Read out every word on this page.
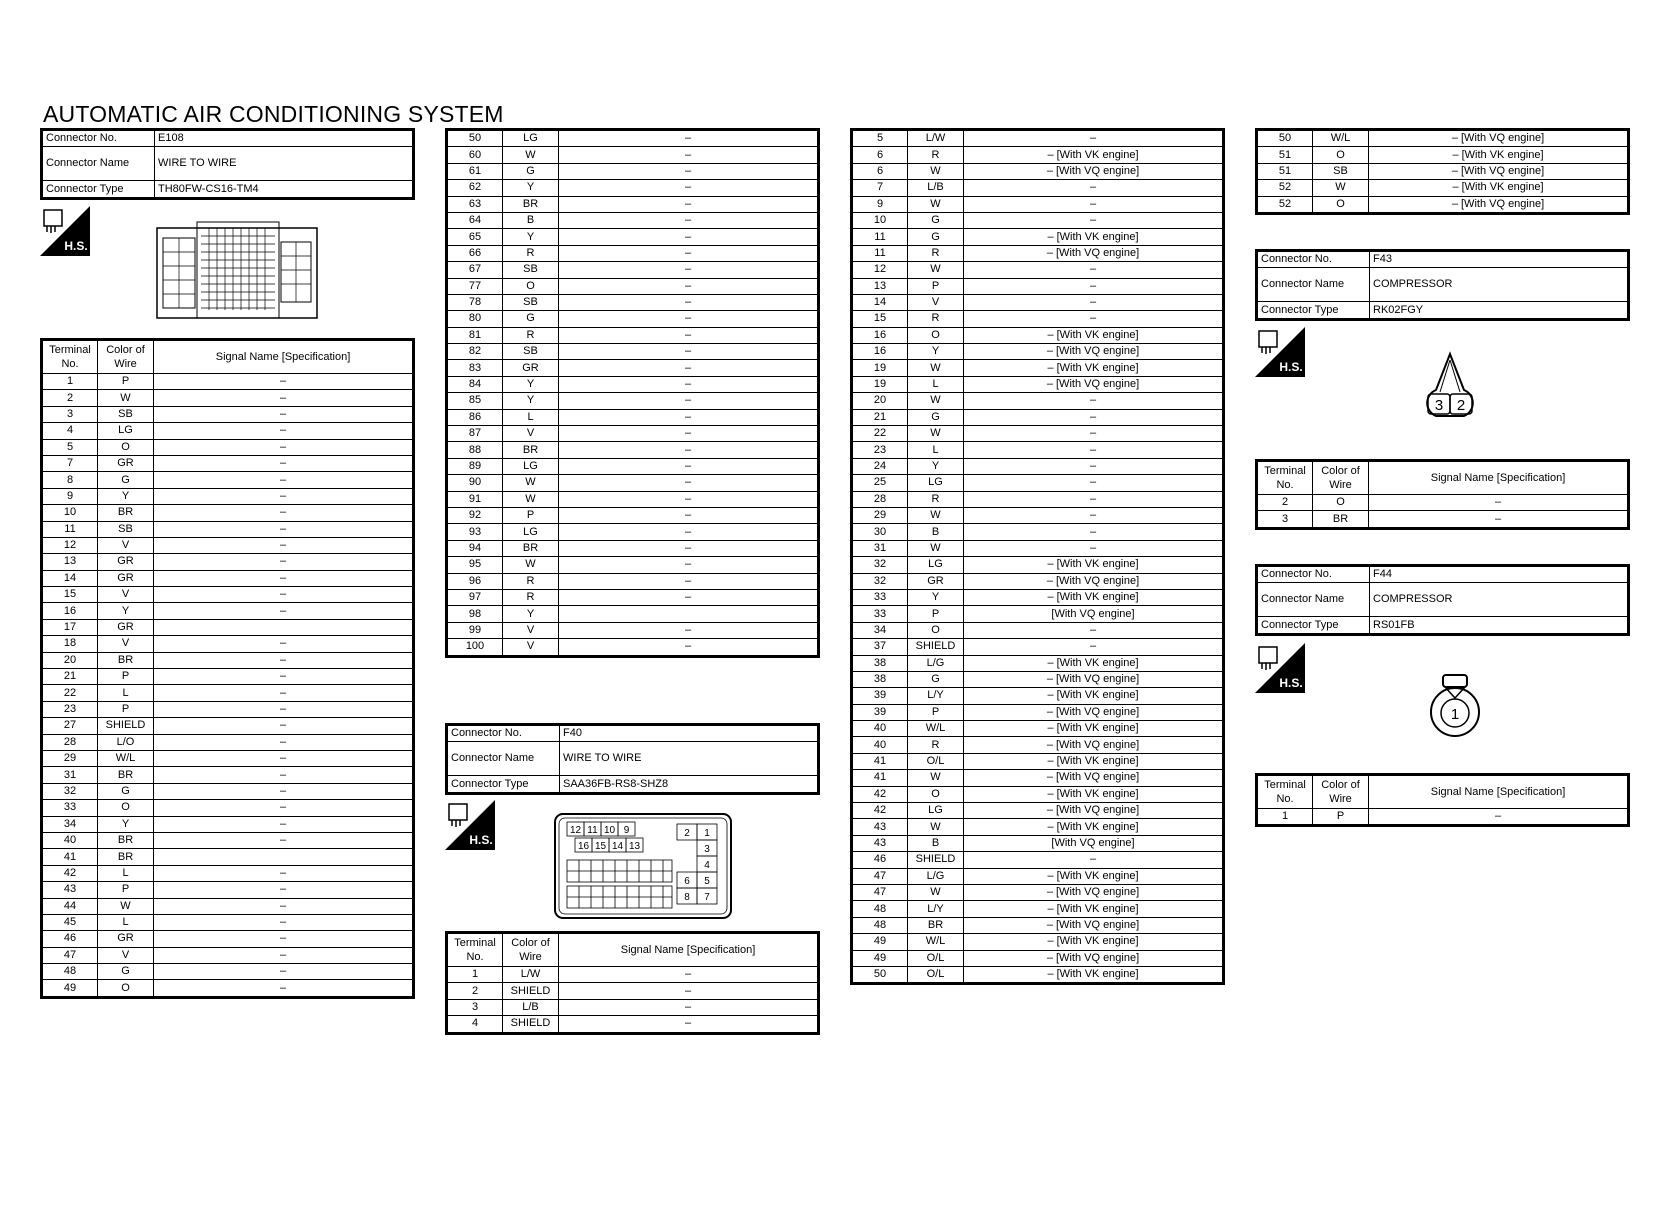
AUTOMATIC AIR CONDITIONING SYSTEM
Connector No.	E108
Connector Name	WIRE TO WIRE
Connector Type	TH80FW-CS16-TM4
H.S.
Terminal No.	Color of Wire	Signal Name [Specification]
1	P	–
2	W	–
3	SB	–
4	LG	–
5	O	–
7	GR	–
8	G	–
9	Y	–
10	BR	–
11	SB	–
12	V	–
13	GR	–
14	GR	–
15	V	–
16	Y	–
17	GR	
18	V	–
20	BR	–
21	P	–
22	L	–
23	P	–
27	SHIELD	–
28	L/O	–
29	W/L	–
31	BR	–
32	G	–
33	O	–
34	Y	–
40	BR	–
41	BR	
42	L	–
43	P	–
44	W	–
45	L	–
46	GR	–
47	V	–
48	G	–
49	O	–
50	LG	–
60	W	–
61	G	–
62	Y	–
63	BR	–
64	B	–
65	Y	–
66	R	–
67	SB	–
77	O	–
78	SB	–
80	G	–
81	R	–
82	SB	–
83	GR	–
84	Y	–
85	Y	–
86	L	–
87	V	–
88	BR	–
89	LG	–
90	W	–
91	W	–
92	P	–
93	LG	–
94	BR	–
95	W	–
96	R	–
97	R	–
98	Y	
99	V	–
100	V	–
Connector No.	F40
Connector Name	WIRE TO WIRE
Connector Type	SAA36FB-RS8-SHZ8
H.S.
12 11 10 9
16 15 14 13
2 1
3
4
6 5
8 7
Terminal No.	Color of Wire	Signal Name [Specification]
1	L/W	–
2	SHIELD	–
3	L/B	–
4	SHIELD	–
5	L/W	–
6	R	– [With VK engine]
6	W	– [With VQ engine]
7	L/B	–
9	W	–
10	G	–
11	G	– [With VK engine]
11	R	– [With VQ engine]
12	W	–
13	P	–
14	V	–
15	R	–
16	O	– [With VK engine]
16	Y	– [With VQ engine]
19	W	– [With VK engine]
19	L	– [With VQ engine]
20	W	–
21	G	–
22	W	–
23	L	–
24	Y	–
25	LG	–
28	R	–
29	W	–
30	B	–
31	W	–
32	LG	– [With VK engine]
32	GR	– [With VQ engine]
33	Y	– [With VK engine]
33	P	[With VQ engine]
34	O	–
37	SHIELD	–
38	L/G	– [With VK engine]
38	G	– [With VQ engine]
39	L/Y	– [With VK engine]
39	P	– [With VQ engine]
40	W/L	– [With VK engine]
40	R	– [With VQ engine]
41	O/L	– [With VK engine]
41	W	– [With VQ engine]
42	O	– [With VK engine]
42	LG	– [With VQ engine]
43	W	– [With VK engine]
43	B	[With VQ engine]
46	SHIELD	–
47	L/G	– [With VK engine]
47	W	– [With VQ engine]
48	L/Y	– [With VK engine]
48	BR	– [With VQ engine]
49	W/L	– [With VK engine]
49	O/L	– [With VQ engine]
50	O/L	– [With VK engine]
50	W/L	– [With VQ engine]
51	O	– [With VK engine]
51	SB	– [With VQ engine]
52	W	– [With VK engine]
52	O	– [With VQ engine]
Connector No.	F43
Connector Name	COMPRESSOR
Connector Type	RK02FGY
H.S.
3 2
Terminal No.	Color of Wire	Signal Name [Specification]
2	O	–
3	BR	–
Connector No.	F44
Connector Name	COMPRESSOR
Connector Type	RS01FB
H.S.
1
Terminal No.	Color of Wire	Signal Name [Specification]
1	P	–
